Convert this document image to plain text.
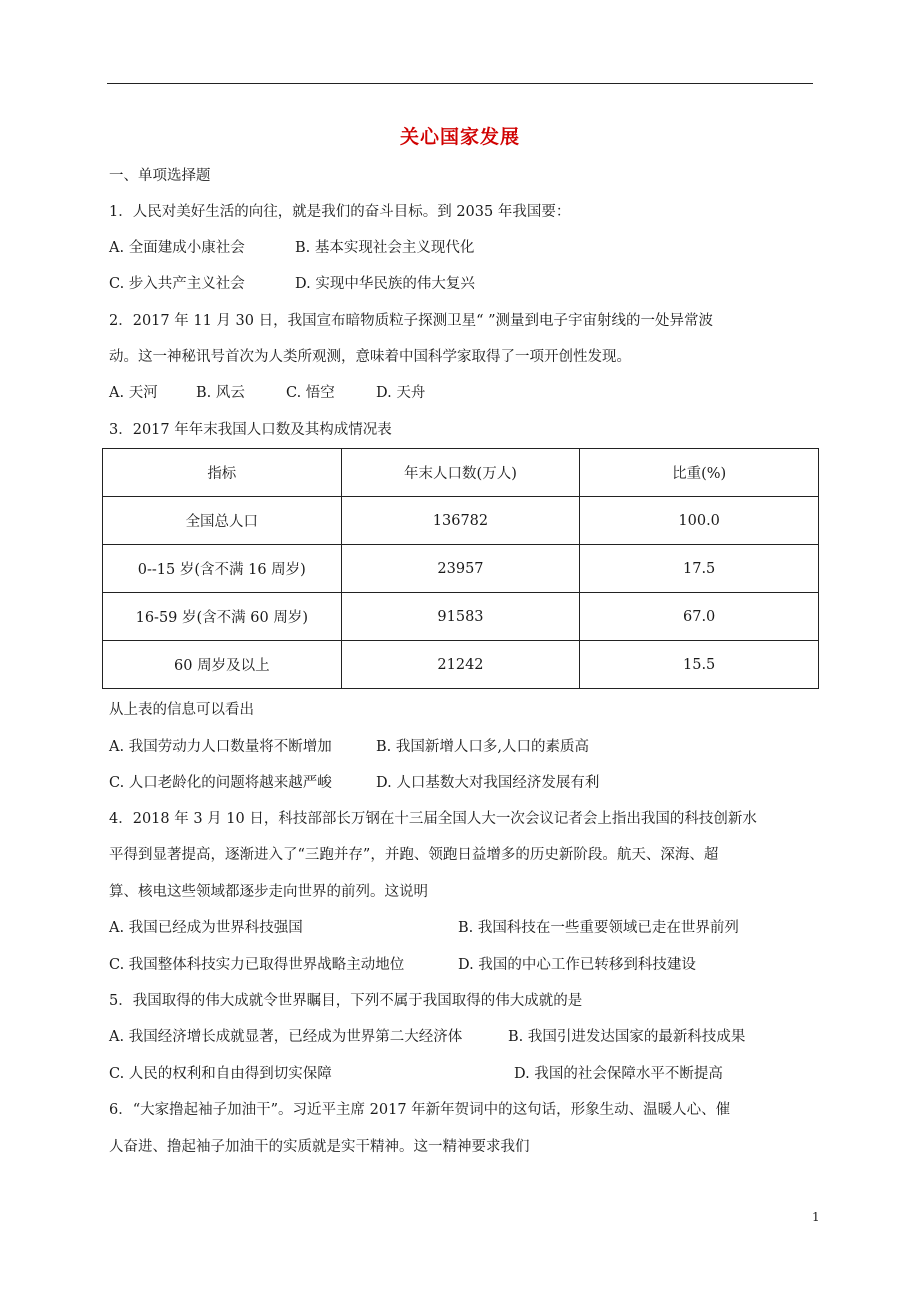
关心国家发展
一、单项选择题
1．人民对美好生活的向往，就是我们的奋斗目标。到 2035 年我国要：
A. 全面建成小康社会	B. 基本实现社会主义现代化
C. 步入共产主义社会	D. 实现中华民族的伟大复兴
2．2017 年 11 月 30 日，我国宣布暗物质粒子探测卫星“ ”测量到电子宇宙射线的一处异常波
动。这一神秘讯号首次为人类所观测，意味着中国科学家取得了一项开创性发现。
A. 天河	B. 风云	C. 悟空	D. 天舟
3．2017 年年末我国人口数及其构成情况表
指标	年末人口数(万人)	比重(%)
全国总人口	136782	100.0
0--15 岁(含不满 16 周岁)	23957	17.5
16-59 岁(含不满 60 周岁)	91583	67.0
60 周岁及以上	21242	15.5
从上表的信息可以看出
A. 我国劳动力人口数量将不断增加	B. 我国新增人口多,人口的素质高
C. 人口老龄化的问题将越来越严峻	D. 人口基数大对我国经济发展有利
4．2018 年 3 月 10 日，科技部部长万钢在十三届全国人大一次会议记者会上指出我国的科技创新水
平得到显著提高，逐渐进入了“三跑并存”，并跑、领跑日益增多的历史新阶段。航天、深海、超
算、核电这些领域都逐步走向世界的前列。这说明
A. 我国已经成为世界科技强国	B. 我国科技在一些重要领域已走在世界前列
C. 我国整体科技实力已取得世界战略主动地位	D. 我国的中心工作已转移到科技建设
5．我国取得的伟大成就令世界瞩目，下列不属于我国取得的伟大成就的是
A. 我国经济增长成就显著，已经成为世界第二大经济体	B. 我国引进发达国家的最新科技成果
C. 人民的权利和自由得到切实保障	D. 我国的社会保障水平不断提高
6．“大家撸起袖子加油干”。习近平主席 2017 年新年贺词中的这句话，形象生动、温暖人心、催
人奋进、撸起袖子加油干的实质就是实干精神。这一精神要求我们
1
